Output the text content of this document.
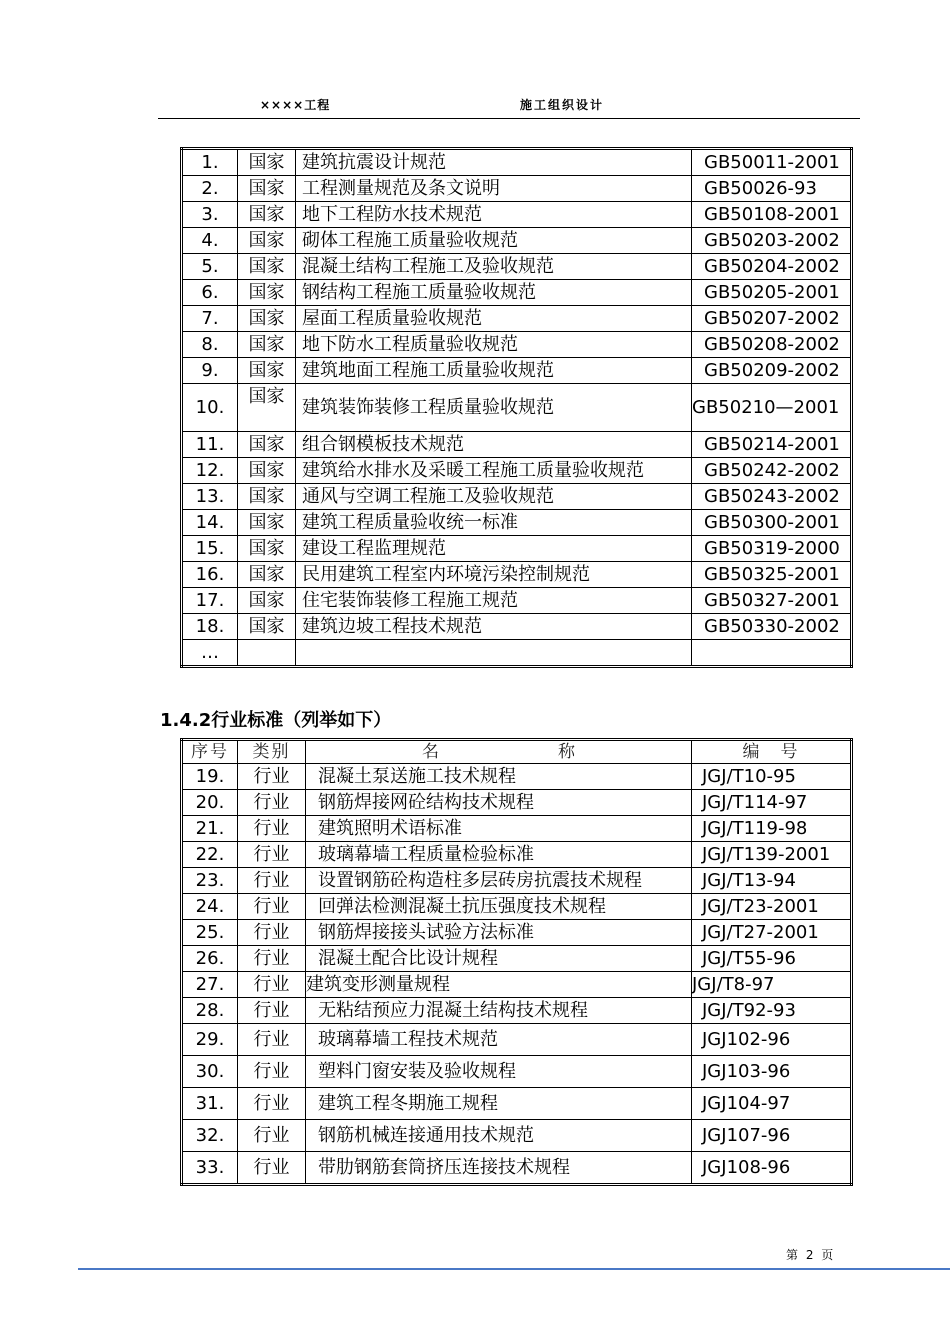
××××工程	施工组织设计
1.	国家	建筑抗震设计规范	GB50011-2001
2.	国家	工程测量规范及条文说明	GB50026-93
3.	国家	地下工程防水技术规范	GB50108-2001
4.	国家	砌体工程施工质量验收规范	GB50203-2002
5.	国家	混凝土结构工程施工及验收规范	GB50204-2002
6.	国家	钢结构工程施工质量验收规范	GB50205-2001
7.	国家	屋面工程质量验收规范	GB50207-2002
8.	国家	地下防水工程质量验收规范	GB50208-2002
9.	国家	建筑地面工程施工质量验收规范	GB50209-2002
10.	国家	建筑装饰装修工程质量验收规范	GB50210—2001
11.	国家	组合钢模板技术规范	GB50214-2001
12.	国家	建筑给水排水及采暖工程施工质量验收规范	GB50242-2002
13.	国家	通风与空调工程施工及验收规范	GB50243-2002
14.	国家	建筑工程质量验收统一标准	GB50300-2001
15.	国家	建设工程监理规范	GB50319-2000
16.	国家	民用建筑工程室内环境污染控制规范	GB50325-2001
17.	国家	住宅装饰装修工程施工规范	GB50327-2001
18.	国家	建筑边坡工程技术规范	GB50330-2002
…			
1.4.2行业标准（列举如下）
序号	类别	名　　　　　　　称	编　号
19.	行业	混凝土泵送施工技术规程	JGJ/T10-95
20.	行业	钢筋焊接网砼结构技术规程	JGJ/T114-97
21.	行业	建筑照明术语标准	JGJ/T119-98
22.	行业	玻璃幕墙工程质量检验标准	JGJ/T139-2001
23.	行业	设置钢筋砼构造柱多层砖房抗震技术规程	JGJ/T13-94
24.	行业	回弹法检测混凝土抗压强度技术规程	JGJ/T23-2001
25.	行业	钢筋焊接接头试验方法标准	JGJ/T27-2001
26.	行业	混凝土配合比设计规程	JGJ/T55-96
27.	行业	建筑变形测量规程	JGJ/T8-97
28.	行业	无粘结预应力混凝土结构技术规程	JGJ/T92-93
29.	行业	玻璃幕墙工程技术规范	JGJ102-96
30.	行业	塑料门窗安装及验收规程	JGJ103-96
31.	行业	建筑工程冬期施工规程	JGJ104-97
32.	行业	钢筋机械连接通用技术规范	JGJ107-96
33.	行业	带肋钢筋套筒挤压连接技术规程	JGJ108-96
第 2 页
